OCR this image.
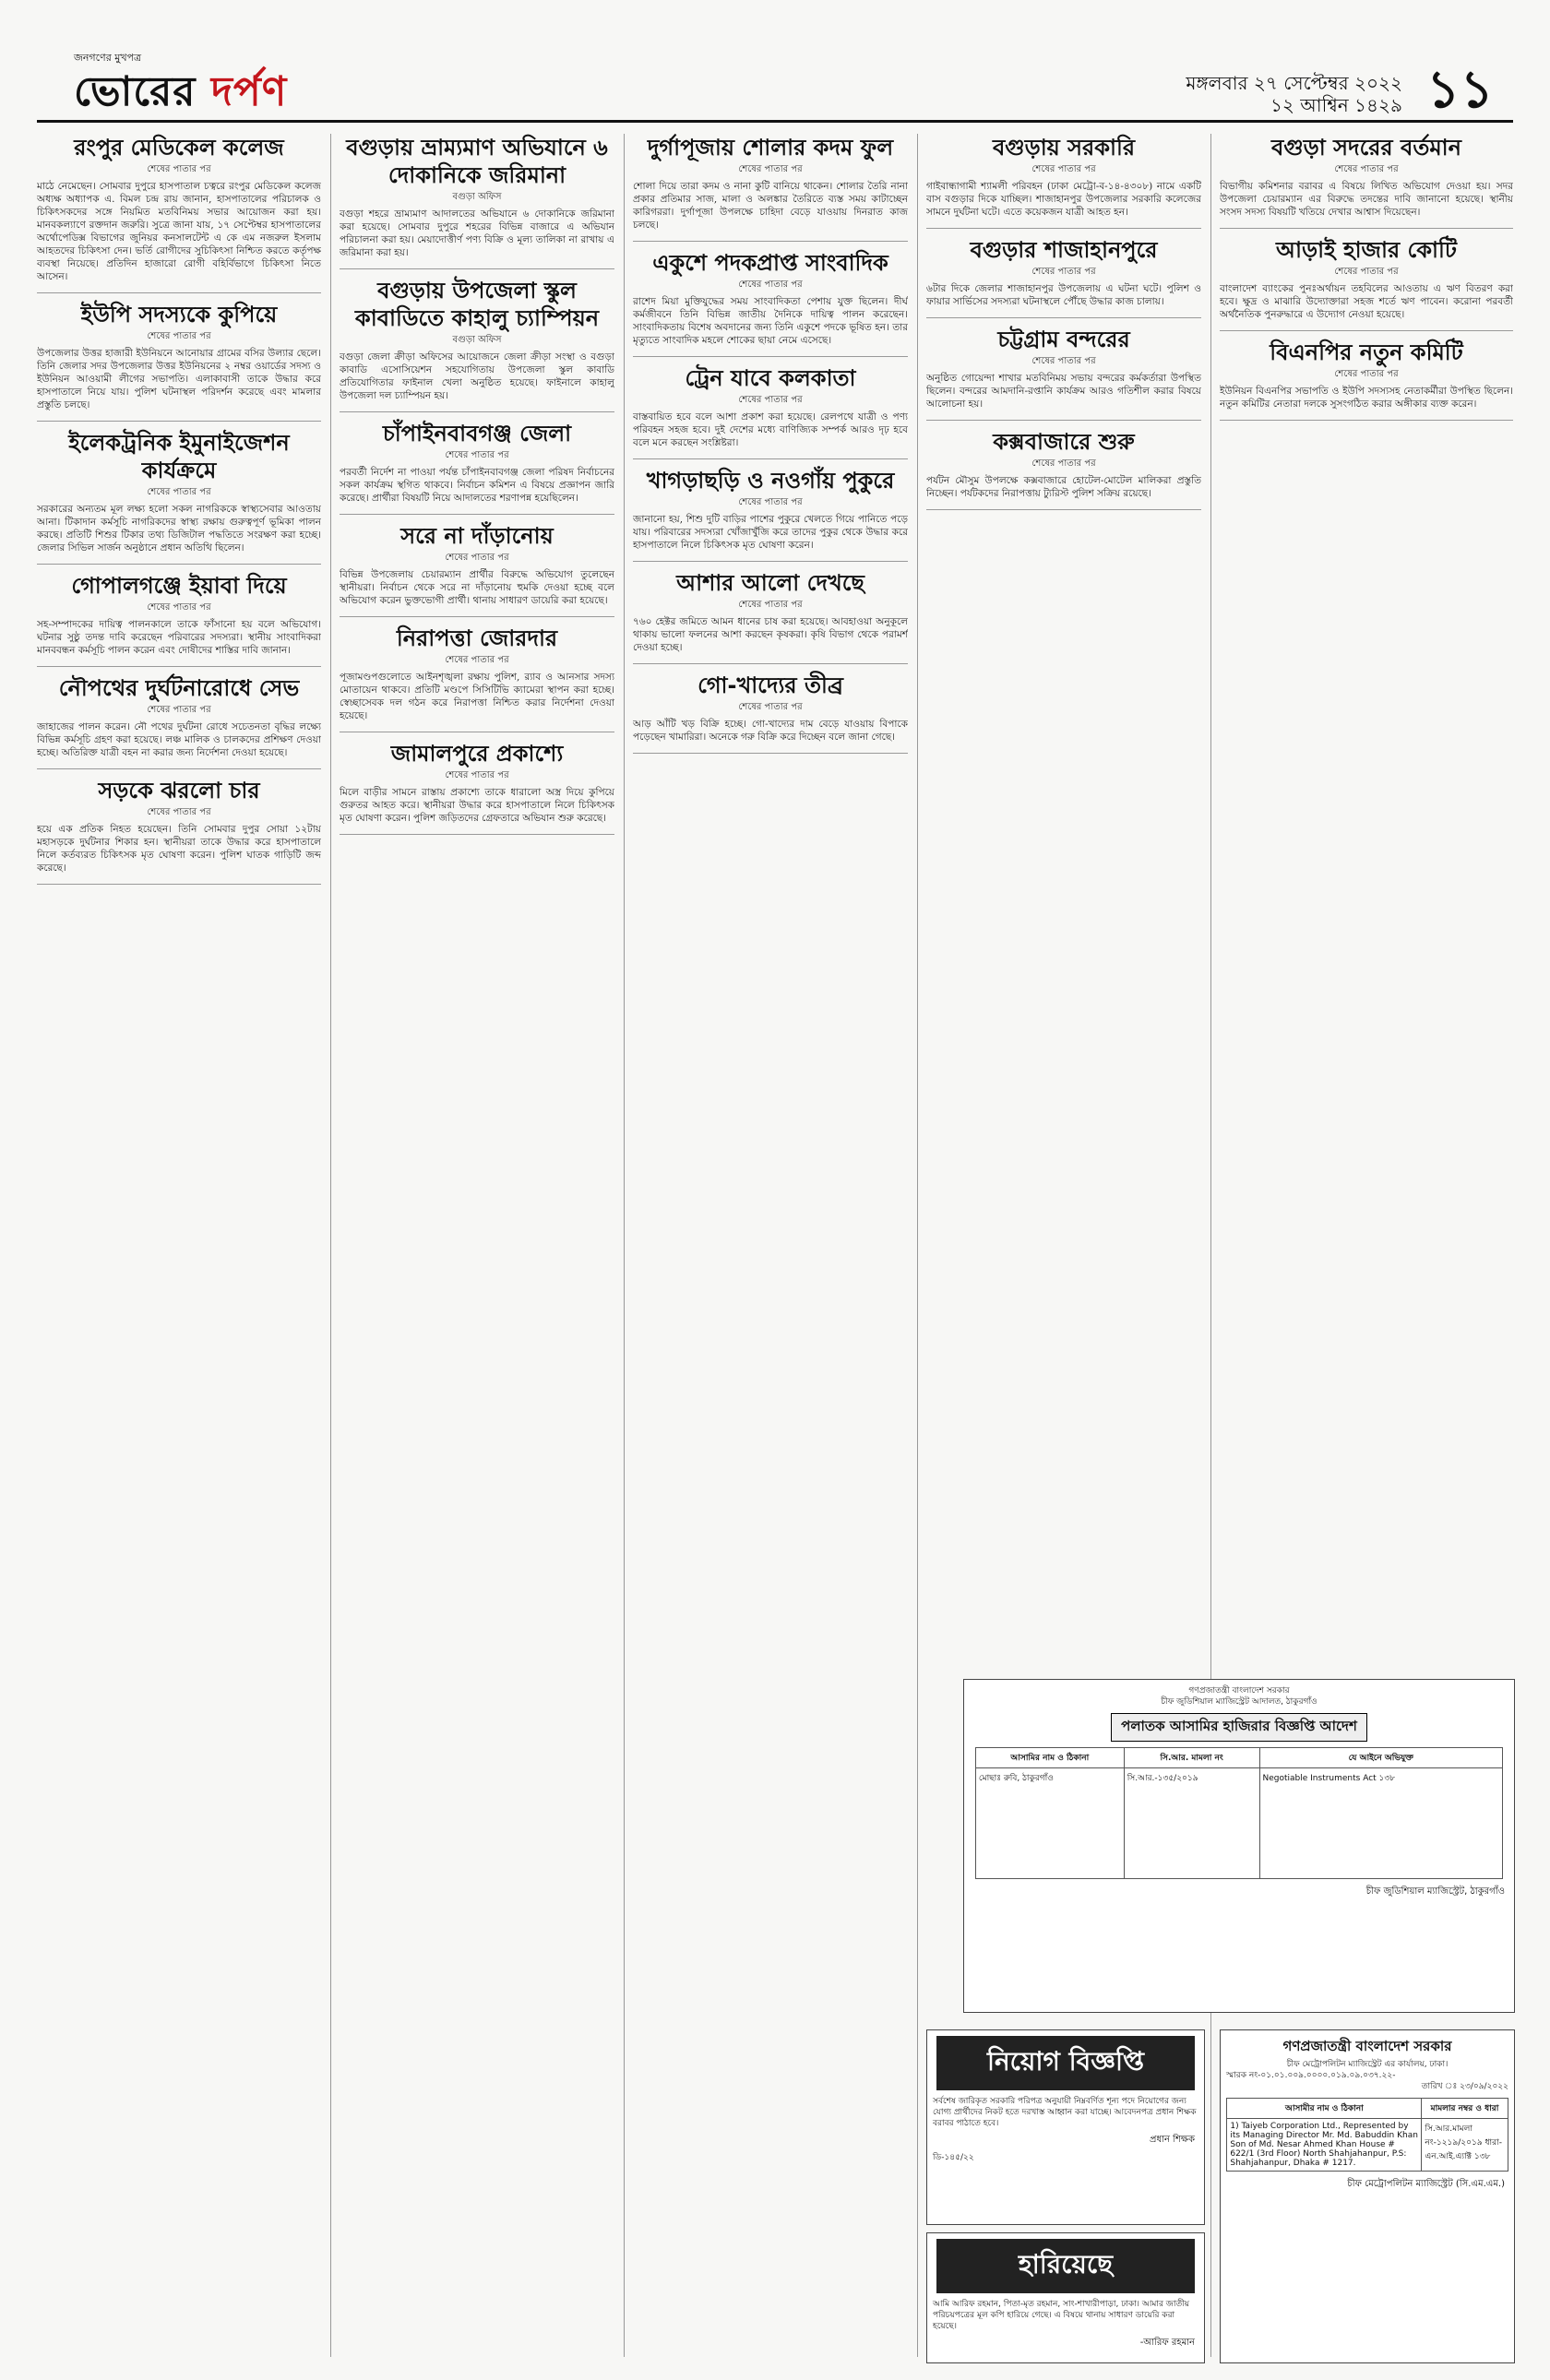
জনগণের মুখপত্র
ভোরের দর্পণ	মঙ্গলবার ২৭ সেপ্টেম্বর ২০২২
১২ আশ্বিন ১৪২৯ ১১
রংপুর মেডিকেল কলেজ
শেষের পাতার পর

মাঠে নেমেছেন। সোমবার দুপুরে হাসপাতাল চত্বরে রংপুর মেডিকেল কলেজ অধ্যক্ষ অধ্যাপক এ. বিমল চন্দ্র রায় জানান, হাসপাতালের পরিচালক ও চিকিৎসকদের সঙ্গে নিয়মিত মতবিনিময় সভার আয়োজন করা হয়। মানবকল্যাণে রক্তদান জরুরি। সুত্রে জানা যায়, ১৭ সেপ্টেম্বর হাসপাতালের অর্থোপেডিক্স বিভাগের জুনিয়র কনসালটেন্ট এ কে এম নজরুল ইসলাম আহতদের চিকিৎসা দেন। ভর্তি রোগীদের সুচিকিৎসা নিশ্চিত করতে কর্তৃপক্ষ ব্যবস্থা নিয়েছে। প্রতিদিন হাজারো রোগী বহির্বিভাগে চিকিৎসা নিতে আসেন।

ইউপি সদস্যকে কুপিয়ে
শেষের পাতার পর

উপজেলার উত্তর হাজারী ইউনিয়নে আনোয়ার গ্রামের বসির উল্যার ছেলে। তিনি জেলার সদর উপজেলার উত্তর ইউনিয়নের ২ নম্বর ওয়ার্ডের সদস্য ও ইউনিয়ন আওয়ামী লীগের সভাপতি। এলাকাবাসী তাকে উদ্ধার করে হাসপাতালে নিয়ে যায়। পুলিশ ঘটনাস্থল পরিদর্শন করেছে এবং মামলার প্রস্তুতি চলছে।

ইলেকট্রনিক ইমুনাইজেশন কার্যক্রমে
শেষের পাতার পর

সরকারের অন্যতম মূল লক্ষ্য হলো সকল নাগরিককে স্বাস্থ্যসেবার আওতায় আনা। টিকাদান কর্মসূচি নাগরিকদের স্বাস্থ্য রক্ষায় গুরুত্বপূর্ণ ভূমিকা পালন করছে। প্রতিটি শিশুর টিকার তথ্য ডিজিটাল পদ্ধতিতে সংরক্ষণ করা হচ্ছে। জেলার সিভিল সার্জন অনুষ্ঠানে প্রধান অতিথি ছিলেন।

গোপালগঞ্জে ইয়াবা দিয়ে
শেষের পাতার পর

সহ-সম্পাদকের দায়িত্ব পালনকালে তাকে ফাঁসানো হয় বলে অভিযোগ। ঘটনার সুষ্ঠু তদন্ত দাবি করেছেন পরিবারের সদস্যরা। স্থানীয় সাংবাদিকরা মানববন্ধন কর্মসূচি পালন করেন এবং দোষীদের শাস্তির দাবি জানান।

নৌপথের দুর্ঘটনারোধে সেভ
শেষের পাতার পর

জাহাজের পালন করেন। নৌ পথের দুর্ঘটনা রোধে সচেতনতা বৃদ্ধির লক্ষ্যে বিভিন্ন কর্মসূচি গ্রহণ করা হয়েছে। লঞ্চ মালিক ও চালকদের প্রশিক্ষণ দেওয়া হচ্ছে। অতিরিক্ত যাত্রী বহন না করার জন্য নির্দেশনা দেওয়া হয়েছে।

সড়কে ঝরলো চার
শেষের পাতার পর

হয়ে এক প্রতিক নিহত হয়েছেন। তিনি সোমবার দুপুর সোয়া ১২টায় মহাসড়কে দুর্ঘটনার শিকার হন। স্থানীয়রা তাকে উদ্ধার করে হাসপাতালে নিলে কর্তব্যরত চিকিৎসক মৃত ঘোষণা করেন। পুলিশ ঘাতক গাড়িটি জব্দ করেছে।

বগুড়ায় ভ্রাম্যমাণ অভিযানে ৬ দোকানিকে জরিমানা
বগুড়া অফিস

বগুড়া শহরে ভ্রাম্যমাণ আদালতের অভিযানে ৬ দোকানিকে জরিমানা করা হয়েছে। সোমবার দুপুরে শহরের বিভিন্ন বাজারে এ অভিযান পরিচালনা করা হয়। মেয়াদোত্তীর্ণ পণ্য বিক্রি ও মূল্য তালিকা না রাখায় এ জরিমানা করা হয়।

বগুড়ায় উপজেলা স্কুল কাবাডিতে কাহালু চ্যাম্পিয়ন
বগুড়া অফিস

বগুড়া জেলা ক্রীড়া অফিসের আয়োজনে জেলা ক্রীড়া সংস্থা ও বগুড়া কাবাডি এসোসিয়েশন সহযোগিতায় উপজেলা স্কুল কাবাডি প্রতিযোগিতার ফাইনাল খেলা অনুষ্ঠিত হয়েছে। ফাইনালে কাহালু উপজেলা দল চ্যাম্পিয়ন হয়।

চাঁপাইনবাবগঞ্জ জেলা
শেষের পাতার পর

পরবর্তী নির্দেশ না পাওয়া পর্যন্ত চাঁপাইনবাবগঞ্জ জেলা পরিষদ নির্বাচনের সকল কার্যক্রম স্থগিত থাকবে। নির্বাচন কমিশন এ বিষয়ে প্রজ্ঞাপন জারি করেছে। প্রার্থীরা বিষয়টি নিয়ে আদালতের শরণাপন্ন হয়েছিলেন।

সরে না দাঁড়ানোয়
শেষের পাতার পর

বিভিন্ন উপজেলায় চেয়ারম্যান প্রার্থীর বিরুদ্ধে অভিযোগ তুলেছেন স্থানীয়রা। নির্বাচন থেকে সরে না দাঁড়ানোয় হুমকি দেওয়া হচ্ছে বলে অভিযোগ করেন ভুক্তভোগী প্রার্থী। থানায় সাধারণ ডায়েরি করা হয়েছে।

নিরাপত্তা জোরদার
শেষের পাতার পর

পূজামণ্ডপগুলোতে আইনশৃঙ্খলা রক্ষায় পুলিশ, র‌্যাব ও আনসার সদস্য মোতায়েন থাকবে। প্রতিটি মণ্ডপে সিসিটিভি ক্যামেরা স্থাপন করা হচ্ছে। স্বেচ্ছাসেবক দল গঠন করে নিরাপত্তা নিশ্চিত করার নির্দেশনা দেওয়া হয়েছে।

জামালপুরে প্রকাশ্যে
শেষের পাতার পর

মিলে বাড়ীর সামনে রাস্তায় প্রকাশ্যে তাকে ধারালো অস্ত্র দিয়ে কুপিয়ে গুরুতর আহত করে। স্থানীয়রা উদ্ধার করে হাসপাতালে নিলে চিকিৎসক মৃত ঘোষণা করেন। পুলিশ জড়িতদের গ্রেফতারে অভিযান শুরু করেছে।

দুর্গাপূজায় শোলার কদম ফুল
শেষের পাতার পর

শোলা দিয়ে তারা কদম ও নানা কুটি বানিয়ে থাকেন। শোলার তৈরি নানা প্রকার প্রতিমার সাজ, মালা ও অলঙ্কার তৈরিতে ব্যস্ত সময় কাটাচ্ছেন কারিগররা। দুর্গাপূজা উপলক্ষে চাহিদা বেড়ে যাওয়ায় দিনরাত কাজ চলছে।

একুশে পদকপ্রাপ্ত সাংবাদিক
শেষের পাতার পর

রাশেদ মিয়া মুক্তিযুদ্ধের সময় সাংবাদিকতা পেশায় যুক্ত ছিলেন। দীর্ঘ কর্মজীবনে তিনি বিভিন্ন জাতীয় দৈনিকে দায়িত্ব পালন করেছেন। সাংবাদিকতায় বিশেষ অবদানের জন্য তিনি একুশে পদকে ভূষিত হন। তার মৃত্যুতে সাংবাদিক মহলে শোকের ছায়া নেমে এসেছে।

ট্রেন যাবে কলকাতা
শেষের পাতার পর

বাস্তবায়িত হবে বলে আশা প্রকাশ করা হয়েছে। রেলপথে যাত্রী ও পণ্য পরিবহন সহজ হবে। দুই দেশের মধ্যে বাণিজ্যিক সম্পর্ক আরও দৃঢ় হবে বলে মনে করছেন সংশ্লিষ্টরা।

খাগড়াছড়ি ও নওগাঁয় পুকুরে
শেষের পাতার পর

জানানো হয়, শিশু দুটি বাড়ির পাশের পুকুরে খেলতে গিয়ে পানিতে পড়ে যায়। পরিবারের সদস্যরা খোঁজাখুঁজি করে তাদের পুকুর থেকে উদ্ধার করে হাসপাতালে নিলে চিকিৎসক মৃত ঘোষণা করেন।

আশার আলো দেখছে
শেষের পাতার পর

৭৬০ হেক্টর জমিতে আমন ধানের চাষ করা হয়েছে। আবহাওয়া অনুকূলে থাকায় ভালো ফলনের আশা করছেন কৃষকরা। কৃষি বিভাগ থেকে পরামর্শ দেওয়া হচ্ছে।

গো-খাদ্যের তীব্র
শেষের পাতার পর

আড় আঁটি খড় বিক্রি হচ্ছে। গো-খাদ্যের দাম বেড়ে যাওয়ায় বিপাকে পড়েছেন খামারিরা। অনেকে গরু বিক্রি করে দিচ্ছেন বলে জানা গেছে।

বগুড়ায় সরকারি
শেষের পাতার পর

গাইবান্ধাগামী শ্যামলী পরিবহন (ঢাকা মেট্রো-ব-১৪-৪৩০৮) নামে একটি বাস বগুড়ার দিকে যাচ্ছিল। শাজাহানপুর উপজেলার সরকারি কলেজের সামনে দুর্ঘটনা ঘটে। এতে কয়েকজন যাত্রী আহত হন।

বগুড়ার শাজাহানপুরে
শেষের পাতার পর

৬টার দিকে জেলার শাজাহানপুর উপজেলায় এ ঘটনা ঘটে। পুলিশ ও ফায়ার সার্ভিসের সদস্যরা ঘটনাস্থলে পৌঁছে উদ্ধার কাজ চালায়।

চট্টগ্রাম বন্দরের
শেষের পাতার পর

অনুষ্ঠিত গোয়েন্দা শাখার মতবিনিময় সভায় বন্দরের কর্মকর্তারা উপস্থিত ছিলেন। বন্দরের আমদানি-রপ্তানি কার্যক্রম আরও গতিশীল করার বিষয়ে আলোচনা হয়।

কক্সবাজারে শুরু
শেষের পাতার পর

পর্যটন মৌসুম উপলক্ষে কক্সবাজারে হোটেল-মোটেল মালিকরা প্রস্তুতি নিচ্ছেন। পর্যটকদের নিরাপত্তায় ট্যুরিস্ট পুলিশ সক্রিয় রয়েছে।

বগুড়া সদরের বর্তমান
শেষের পাতার পর

বিভাগীয় কমিশনার বরাবর এ বিষয়ে লিখিত অভিযোগ দেওয়া হয়। সদর উপজেলা চেয়ারম্যান এর বিরুদ্ধে তদন্তের দাবি জানানো হয়েছে। স্থানীয় সংসদ সদস্য বিষয়টি খতিয়ে দেখার আশ্বাস দিয়েছেন।

আড়াই হাজার কোটি
শেষের পাতার পর

বাংলাদেশ ব্যাংকের পুনঃঅর্থায়ন তহবিলের আওতায় এ ঋণ বিতরণ করা হবে। ক্ষুদ্র ও মাঝারি উদ্যোক্তারা সহজ শর্তে ঋণ পাবেন। করোনা পরবর্তী অর্থনৈতিক পুনরুদ্ধারে এ উদ্যোগ নেওয়া হয়েছে।

বিএনপির নতুন কমিটি
শেষের পাতার পর

ইউনিয়ন বিএনপির সভাপতি ও ইউপি সদস্যসহ নেতাকর্মীরা উপস্থিত ছিলেন। নতুন কমিটির নেতারা দলকে সুসংগঠিত করার অঙ্গীকার ব্যক্ত করেন।

গণপ্রজাতন্ত্রী বাংলাদেশ সরকার
চীফ জুডিশিয়াল ম্যাজিস্ট্রেট আদালত, ঠাকুরগাঁও
পলাতক আসামির হাজিরার বিজ্ঞপ্তি আদেশ
আসামির নাম ও ঠিকানা	সি.আর. মামলা নং	যে আইনে অভিযুক্ত
মোছাঃ রুবি, ঠাকুরগাঁও	সি.আর.-১৩৫/২০১৯	Negotiable Instruments Act ১৩৮
চীফ জুডিশিয়াল ম্যাজিস্ট্রেট, ঠাকুরগাঁও
নিয়োগ বিজ্ঞপ্তি
সর্বশেষ জারিকৃত সরকারি পরিপত্র অনুযায়ী নিম্নবর্ণিত শূন্য পদে নিয়োগের জন্য যোগ্য প্রার্থীদের নিকট হতে দরখাস্ত আহ্বান করা যাচ্ছে। আবেদনপত্র প্রধান শিক্ষক বরাবর পাঠাতে হবে।
প্রধান শিক্ষক
ডি-১৪৫/২২
হারিয়েছে
আমি আরিফ রহমান, পিতা-মৃত রহমান, সাং-শাখারীপাড়া, ঢাকা। আমার জাতীয় পরিচয়পত্রের মূল কপি হারিয়ে গেছে। এ বিষয়ে থানায় সাধারণ ডায়েরি করা হয়েছে।
-আরিফ রহমান
গণপ্রজাতন্ত্রী বাংলাদেশ সরকার
চীফ মেট্রোপলিটন ম্যাজিস্ট্রেট এর কার্যালয়, ঢাকা।
স্মারক নং-০১.০১.০০৯.০০০০.০১৯.০৯.০৩৭.২২-
তারিখ ঃ ২৩/০৯/২০২২
আসামীর নাম ও ঠিকানা	মামলার নম্বর ও ধারা
1) Taiyeb Corporation Ltd., Represented by its Managing Director Mr. Md. Babuddin Khan Son of Md. Nesar Ahmed Khan House # 622/1 (3rd Floor) North Shahjahanpur, P.S: Shahjahanpur, Dhaka # 1217.	সি.আর.মামলা নং-১২১৯/২০১৯ ধারা-এন.আই.এ্যাক্ট ১৩৮
চীফ মেট্রোপলিটন ম্যাজিস্ট্রেট (সি.এম.এম.)
